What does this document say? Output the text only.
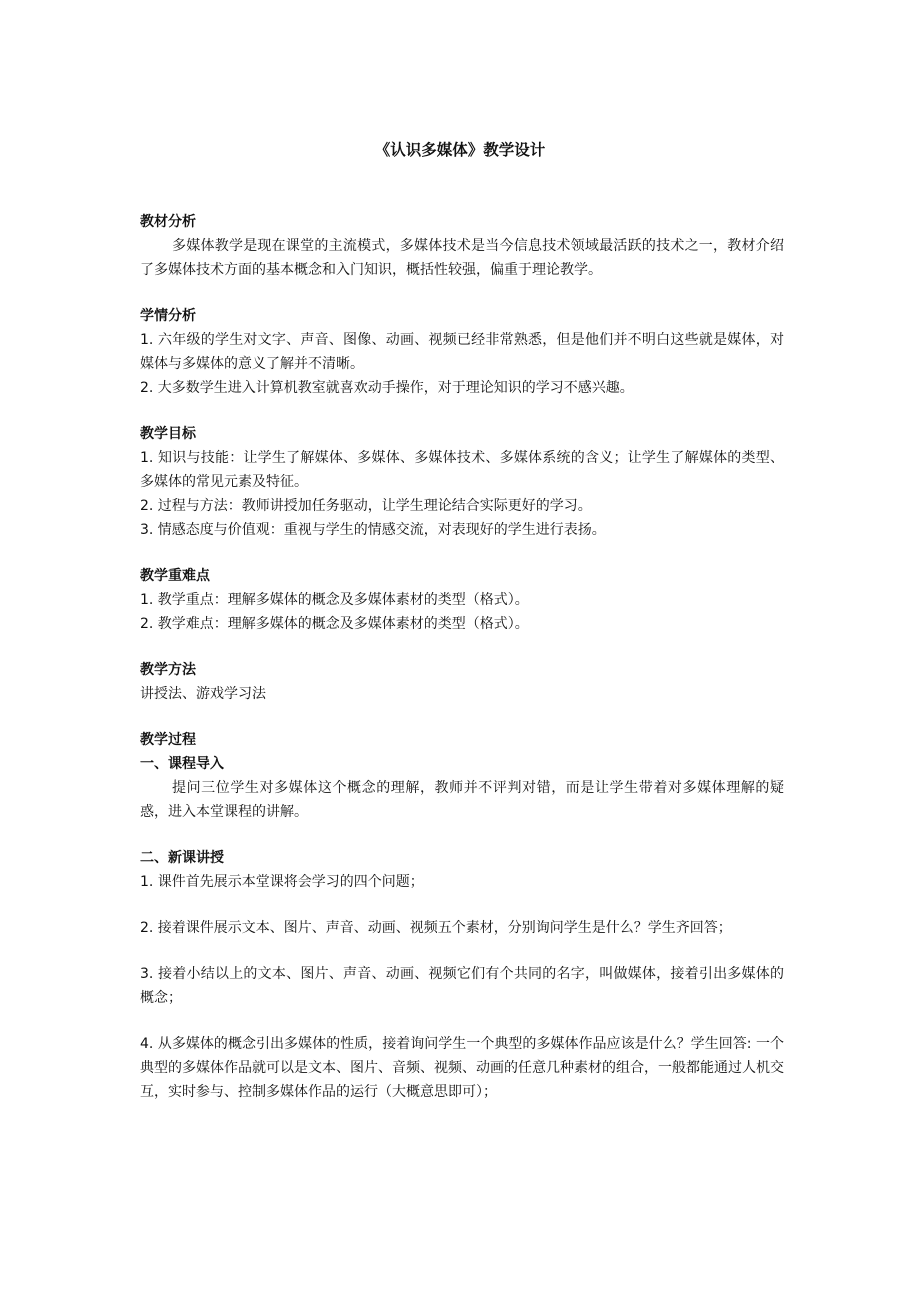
《认识多媒体》教学设计

教材分析

多媒体教学是现在课堂的主流模式，多媒体技术是当今信息技术领域最活跃的技术之一，教材介绍了多媒体技术方面的基本概念和入门知识，概括性较强，偏重于理论教学。

学情分析

1. 六年级的学生对文字、声音、图像、动画、视频已经非常熟悉，但是他们并不明白这些就是媒体，对媒体与多媒体的意义了解并不清晰。

2. 大多数学生进入计算机教室就喜欢动手操作，对于理论知识的学习不感兴趣。

教学目标

1. 知识与技能：让学生了解媒体、多媒体、多媒体技术、多媒体系统的含义；让学生了解媒体的类型、多媒体的常见元素及特征。

2. 过程与方法：教师讲授加任务驱动，让学生理论结合实际更好的学习。

3. 情感态度与价值观：重视与学生的情感交流，对表现好的学生进行表扬。

教学重难点

1. 教学重点：理解多媒体的概念及多媒体素材的类型（格式）。

2. 教学难点：理解多媒体的概念及多媒体素材的类型（格式）。

教学方法

讲授法、游戏学习法

教学过程

一、课程导入

提问三位学生对多媒体这个概念的理解，教师并不评判对错，而是让学生带着对多媒体理解的疑惑，进入本堂课程的讲解。

二、新课讲授

1. 课件首先展示本堂课将会学习的四个问题；

2. 接着课件展示文本、图片、声音、动画、视频五个素材，分别询问学生是什么？学生齐回答；

3. 接着小结以上的文本、图片、声音、动画、视频它们有个共同的名字，叫做媒体，接着引出多媒体的概念；

4. 从多媒体的概念引出多媒体的性质，接着询问学生一个典型的多媒体作品应该是什么？学生回答: 一个典型的多媒体作品就可以是文本、图片、音频、视频、动画的任意几种素材的组合，一般都能通过人机交互，实时参与、控制多媒体作品的运行（大概意思即可）；
